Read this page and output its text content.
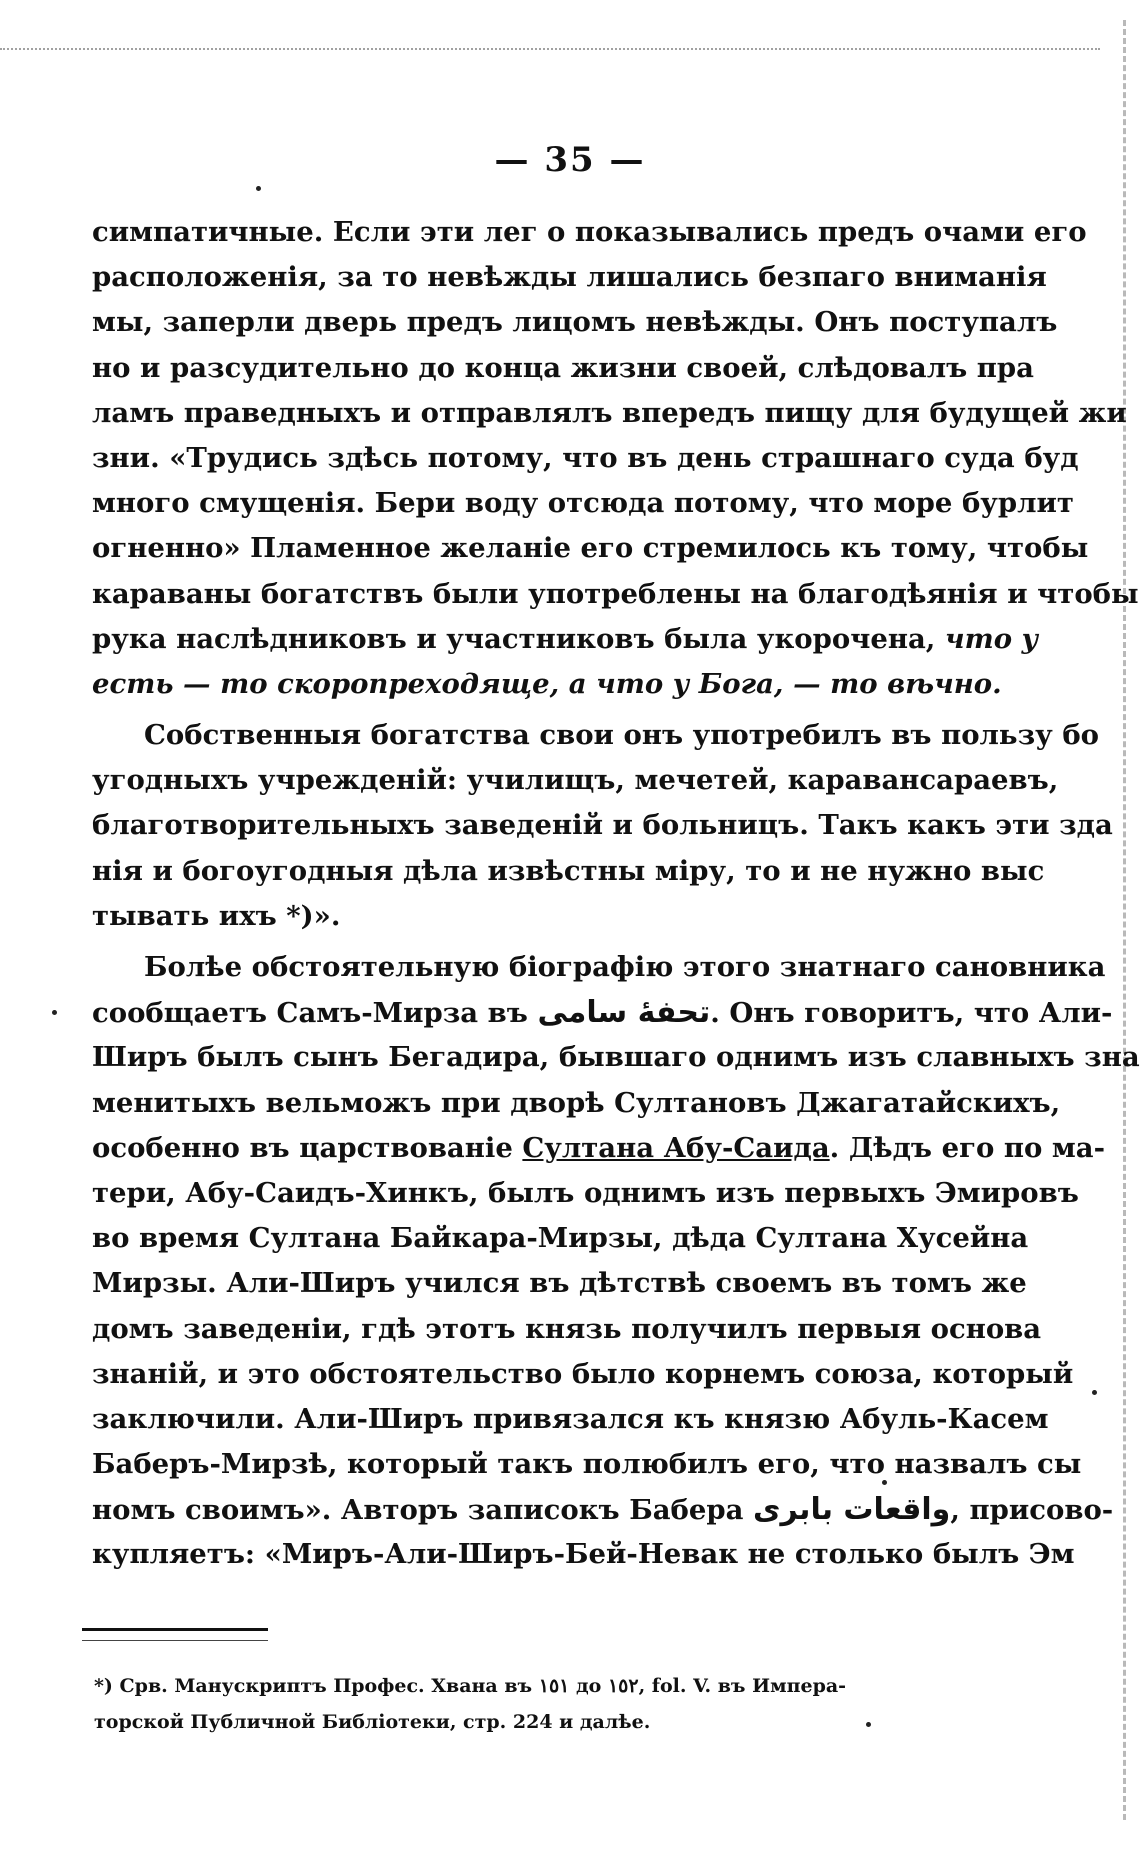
— 35 —
симпатичные. Если эти лег о показывались предъ очами его
расположенія, за то невѣжды лишались безпаго вниманія
мы, заперли дверь предъ лицомъ невѣжды. Онъ поступалъ
но и разсудительно до конца жизни своей, слѣдовалъ пра
ламъ праведныхъ и отправлялъ впередъ пищу для будущей жи
зни. «Трудись здѣсь потому, что въ день страшнаго суда буд
много смущенія. Бери воду отсюда потому, что море бурлит
огненно» Пламенное желаніе его стремилось къ тому, чтобы
караваны богатствъ были употреблены на благодѣянія и чтобы
рука наслѣдниковъ и участниковъ была укорочена, что у
есть — то скоропреходяще, а что у Бога, — то вѣчно.
Собственныя богатства свои онъ употребилъ въ пользу бо
угодныхъ учрежденій: училищъ, мечетей, каравансараевъ,
благотворительныхъ заведеній и больницъ. Такъ какъ эти зда
нія и богоугодныя дѣла извѣстны міру, то и не нужно выс
тывать ихъ *)».
Болѣе обстоятельную біографію этого знатнаго сановника
сообщаетъ Самъ-Мирза въ تحفهٔ سامی. Онъ говоритъ, что Али-
Ширъ былъ сынъ Бегадира, бывшаго однимъ изъ славныхъ зна
менитыхъ вельможъ при дворѣ Султановъ Джагатайскихъ,
особенно въ царствованіе Султана Абу-Саида. Дѣдъ его по ма-
тери, Абу-Саидъ-Хинкъ, былъ однимъ изъ первыхъ Эмировъ
во время Султана Байкара-Мирзы, дѣда Султана Хусейна
Мирзы. Али-Ширъ учился въ дѣтствѣ своемъ въ томъ же
домъ заведеніи, гдѣ этотъ князь получилъ первыя основа
знаній, и это обстоятельство было корнемъ союза, который
заключили. Али-Ширъ привязался къ князю Абуль-Касем
Баберъ-Мирзѣ, который такъ полюбилъ его, что назвалъ сы
номъ своимъ». Авторъ записокъ Бабера واقعات بابری, присово-
купляетъ: «Миръ-Али-Ширъ-Бей-Невак не столько былъ Эм
*) Срв. Манускриптъ Профес. Хвана въ ١٥١ до ١٥٢, fol. V. въ Импера-
торской Публичной Библіотеки, стр. 224 и далѣе.
